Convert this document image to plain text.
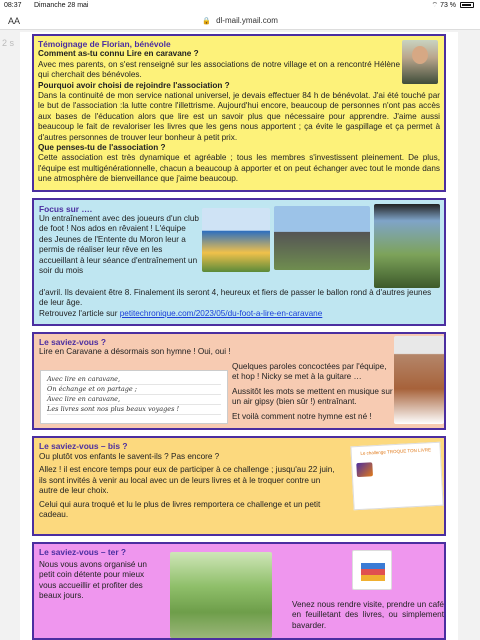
08:37 Dimanche 28 mai	⌔ 73 %
AA	🔒 dl-mail.ymail.com
2 s	Témoignage de Florian, bénévole
Comment as-tu connu Lire en caravane ?
Avec mes parents, on s'est renseigné sur les associations de notre village et on a rencontré Hélène qui cherchait des bénévoles.
Pourquoi avoir choisi de rejoindre l'association ?
Dans la continuité de mon service national universel, je devais effectuer 84 h de bénévolat. J'ai été touché par le but de l'association :la lutte contre l'illettrisme. Aujourd'hui encore, beaucoup de personnes n'ont pas accès aux bases de l'éducation alors que lire est un savoir plus que nécessaire pour apprendre. J'aime aussi beaucoup le fait de revaloriser les livres que les gens nous apportent ; ça évite le gaspillage et ça permet à d'autres personnes de trouver leur bonheur à petit prix.
Que penses-tu de l'association ?
Cette association est très dynamique et agréable ; tous les membres s'investissent pleinement. De plus, l'équipe est multigénérationnelle, chacun a beaucoup à apporter et on peut échanger avec tout le monde dans une atmosphère de bienveillance que j'aime beaucoup.
Focus sur ….
Un entraînement avec des joueurs d'un club de foot ! Nos ados en rêvaient ! L'équipe des Jeunes de l'Entente du Moron leur a permis de réaliser leur rêve en les accueillant à leur séance d'entraînement un soir du mois
d'avril. Ils devaient être 8. Finalement ils seront 4, heureux et fiers de passer le ballon rond à d'autres jeunes de leur âge.
Retrouvez l'article sur petitechronique.com/2023/05/du-foot-a-lire-en-caravane
Le saviez-vous ?
Lire en Caravane a désormais son hymne ! Oui, oui !
Avec lire en caravane,
On échange et on partage ;
Avec lire en caravane,
Les livres sont nos plus beaux voyages !

Quelques paroles concoctées par l'équipe, et hop ! Nicky se met à la guitare …

Aussitôt les mots se mettent en musique sur un air gipsy (bien sûr !) entraînant.

Et voilà comment notre hymne est né !

Le saviez-vous – bis ?

Ou plutôt vos enfants le savent-ils ? Pas encore ?

Allez ! il est encore temps pour eux de participer à ce challenge ; jusqu'au 22 juin, ils sont invités à venir au local avec un de leurs livres et à le troquer contre un autre de leur choix.

Celui qui aura troqué et lu le plus de livres remportera ce challenge et un petit cadeau.

Le challenge TROQUE TON LIVRE
Le saviez-vous – ter ?
Nous vous avons organisé un petit coin détente pour mieux vous accueillir et profiter des beaux jours.
Venez nous rendre visite, prendre un café en feuilletant des livres, ou simplement bavarder.
